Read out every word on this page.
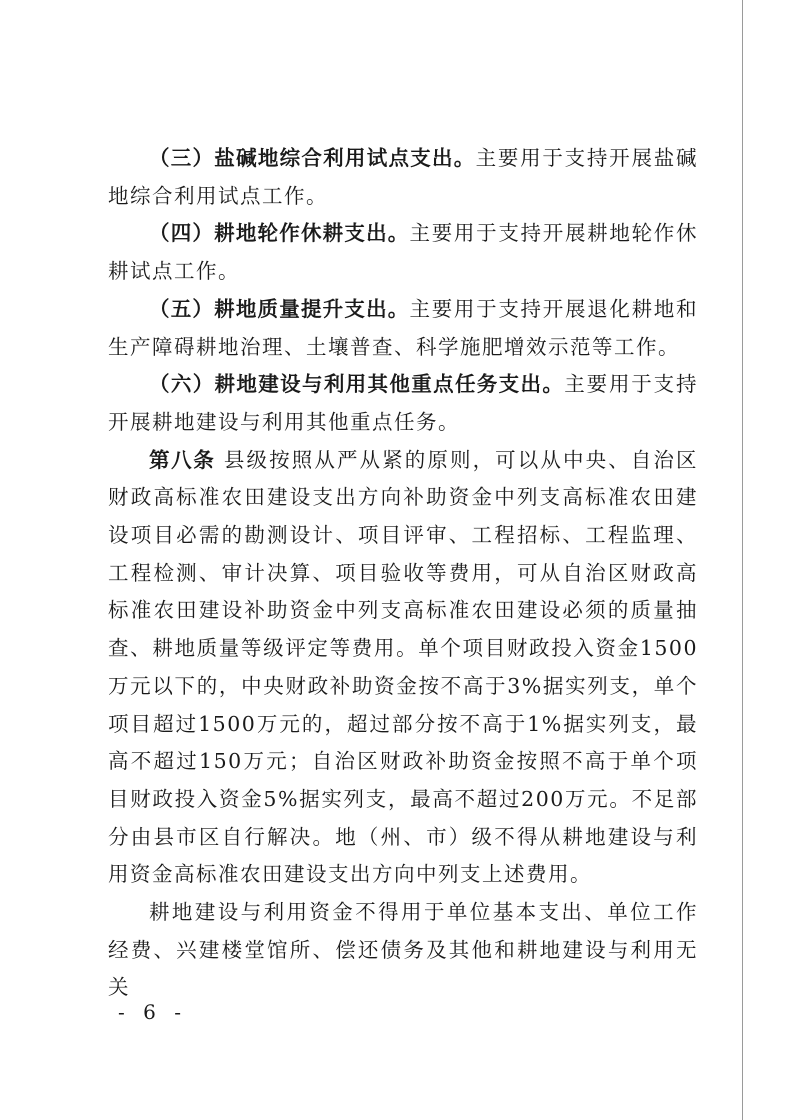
（三）盐碱地综合利用试点支出。主要用于支持开展盐碱地综合利用试点工作。

（四）耕地轮作休耕支出。主要用于支持开展耕地轮作休耕试点工作。

（五）耕地质量提升支出。主要用于支持开展退化耕地和生产障碍耕地治理、土壤普查、科学施肥增效示范等工作。

（六）耕地建设与利用其他重点任务支出。主要用于支持开展耕地建设与利用其他重点任务。

第八条 县级按照从严从紧的原则，可以从中央、自治区财政高标准农田建设支出方向补助资金中列支高标准农田建设项目必需的勘测设计、项目评审、工程招标、工程监理、工程检测、审计决算、项目验收等费用，可从自治区财政高标准农田建设补助资金中列支高标准农田建设必须的质量抽查、耕地质量等级评定等费用。单个项目财政投入资金1500万元以下的，中央财政补助资金按不高于3%据实列支，单个项目超过1500万元的，超过部分按不高于1%据实列支，最高不超过150万元；自治区财政补助资金按照不高于单个项目财政投入资金5%据实列支，最高不超过200万元。不足部分由县市区自行解决。地（州、市）级不得从耕地建设与利用资金高标准农田建设支出方向中列支上述费用。

耕地建设与利用资金不得用于单位基本支出、单位工作经费、兴建楼堂馆所、偿还债务及其他和耕地建设与利用无关

- 6 -
